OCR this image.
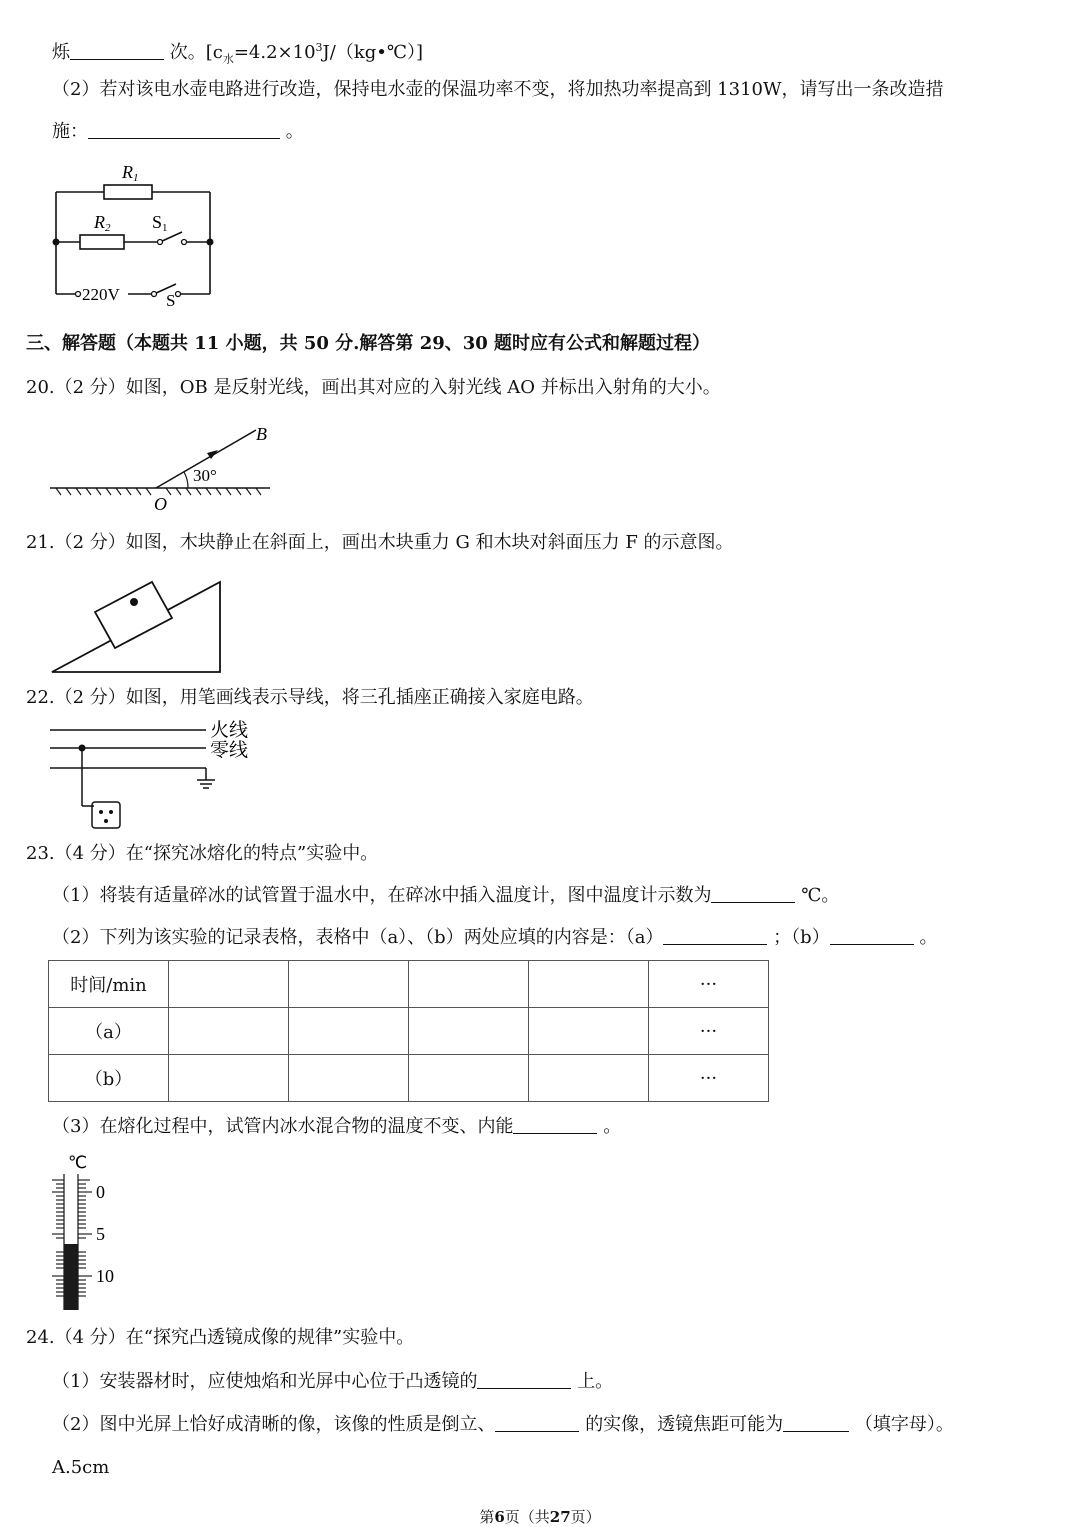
烁	次。$[c_水=4.2\times 10^3J/(kg•℃)]$
（2）若对该电水壶电路进行改造，保持电水壶的保温功率不变，将加热功率提高到 1310W，请写出一条改造措
施：	。
R1
R2 S1
220V	S
三、解答题（本题共 11 小题，共 50 分.解答第 29、30 题时应有公式和解题过程）
20.（2 分）如图，OB 是反射光线，画出其对应的入射光线 AO 并标出入射角的大小。
30°
B
O
21.（2 分）如图，木块静止在斜面上，画出木块重力 G 和木块对斜面压力 F 的示意图。
22.（2 分）如图，用笔画线表示导线，将三孔插座正确接入家庭电路。
火线
零线
23.（4 分）在“探究冰熔化的特点”实验中。
（1）将装有适量碎冰的试管置于温水中，在碎冰中插入温度计，图中温度计示数为	℃。
（2）下列为该实验的记录表格，表格中（a）、（b）两处应填的内容是：（a）	；（b）	。
时间/min					···
（a）					···
（b）					···
（3）在熔化过程中，试管内冰水混合物的温度不变、内能	。
℃
0
5
10
24.（4 分）在“探究凸透镜成像的规律”实验中。
（1）安装器材时，应使烛焰和光屏中心位于凸透镜的	上。
（2）图中光屏上恰好成清晰的像，该像的性质是倒立、	的实像，透镜焦距可能为	（填字母）。
A.5cm
第6页（共27页）
